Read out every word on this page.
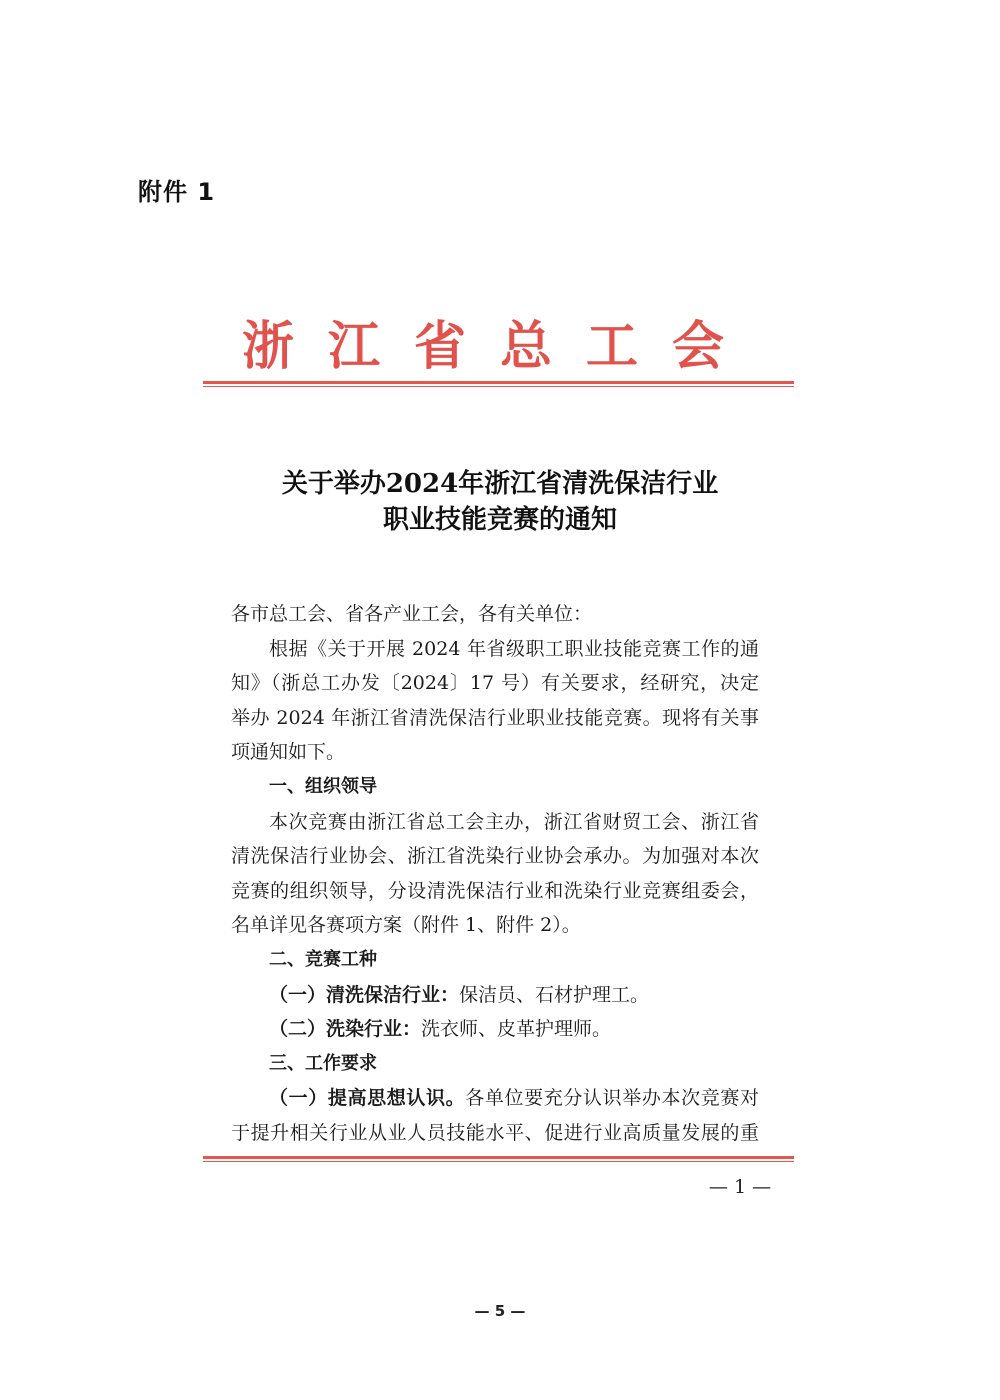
附件 1
浙江省总工会
关于举办2024年浙江省清洗保洁行业
职业技能竞赛的通知
各市总工会、省各产业工会，各有关单位：
根据《关于开展 2024 年省级职工职业技能竞赛工作的通
知》（浙总工办发〔2024〕17 号）有关要求，经研究，决定
举办 2024 年浙江省清洗保洁行业职业技能竞赛。现将有关事
项通知如下。
一、组织领导
本次竞赛由浙江省总工会主办，浙江省财贸工会、浙江省
清洗保洁行业协会、浙江省洗染行业协会承办。为加强对本次
竞赛的组织领导，分设清洗保洁行业和洗染行业竞赛组委会，
名单详见各赛项方案（附件 1、附件 2）。
二、竞赛工种
（一）清洗保洁行业：保洁员、石材护理工。
（二）洗染行业：洗衣师、皮革护理师。
三、工作要求
（一）提高思想认识。各单位要充分认识举办本次竞赛对
于提升相关行业从业人员技能水平、促进行业高质量发展的重
— 1 —
— 5 —
